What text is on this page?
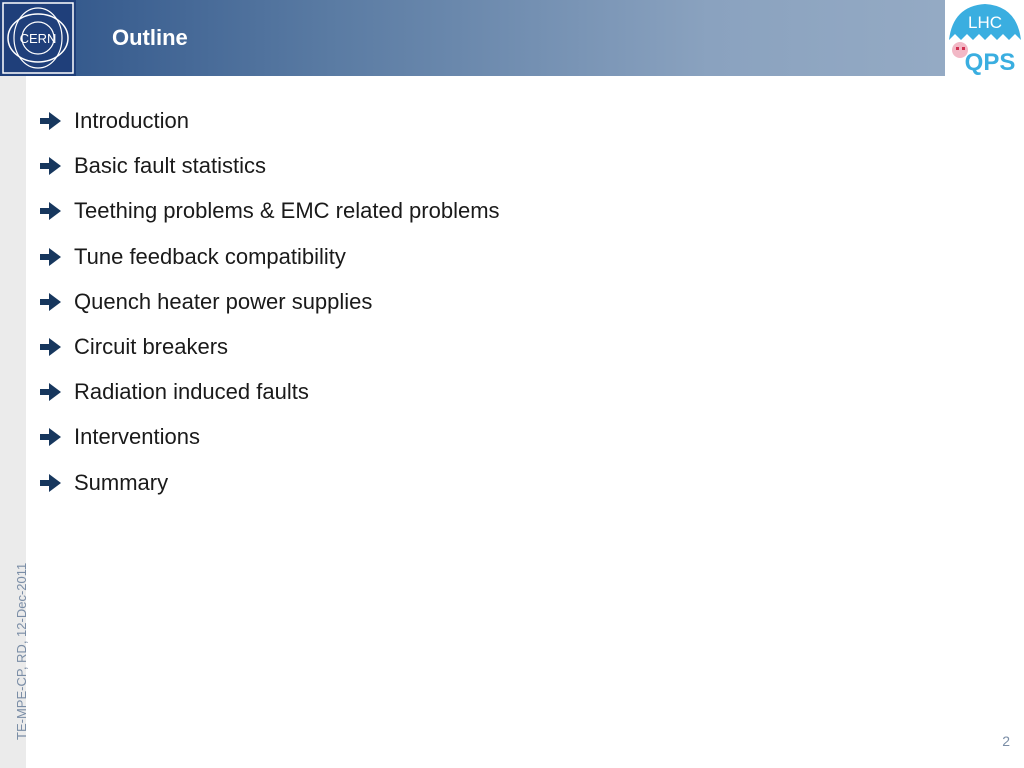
CERN	Outline
LHC
QPS
TE-MPE-CP, RD, 12-Dec-2011
Introduction
Basic fault statistics
Teething problems & EMC related problems
Tune feedback compatibility
Quench heater power supplies
Circuit breakers
Radiation induced faults
Interventions
Summary
2
